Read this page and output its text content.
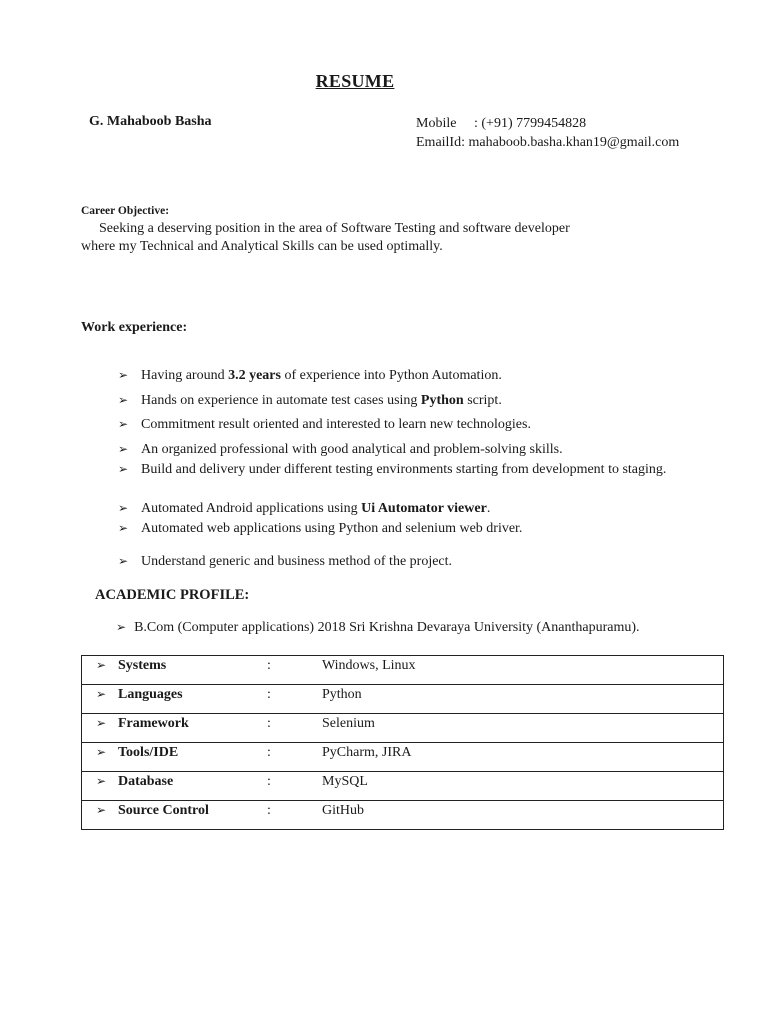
RESUME
G. Mahaboob Basha	Mobile : (+91) 7799454828
EmailId: mahaboob.basha.khan19@gmail.com
Career Objective:
Seeking a deserving position in the area of Software Testing and software developer
where my Technical and Analytical Skills can be used optimally.
Work experience:
➢ Having around 3.2 years of experience into Python Automation.
➢ Hands on experience in automate test cases using Python script.
➢ Commitment result oriented and interested to learn new technologies.
➢ An organized professional with good analytical and problem-solving skills.
➢ Build and delivery under different testing environments starting from development to staging.
➢ Automated Android applications using Ui Automator viewer.
➢ Automated web applications using Python and selenium web driver.
➢ Understand generic and business method of the project.
ACADEMIC PROFILE:
➢ B.Com (Computer applications) 2018 Sri Krishna Devaraya University (Ananthapuramu).
➢ Systems	:	Windows, Linux
➢ Languages	:	Python
➢ Framework	:	Selenium
➢ Tools/IDE	:	PyCharm, JIRA
➢ Database	:	MySQL
➢ Source Control	:	GitHub
